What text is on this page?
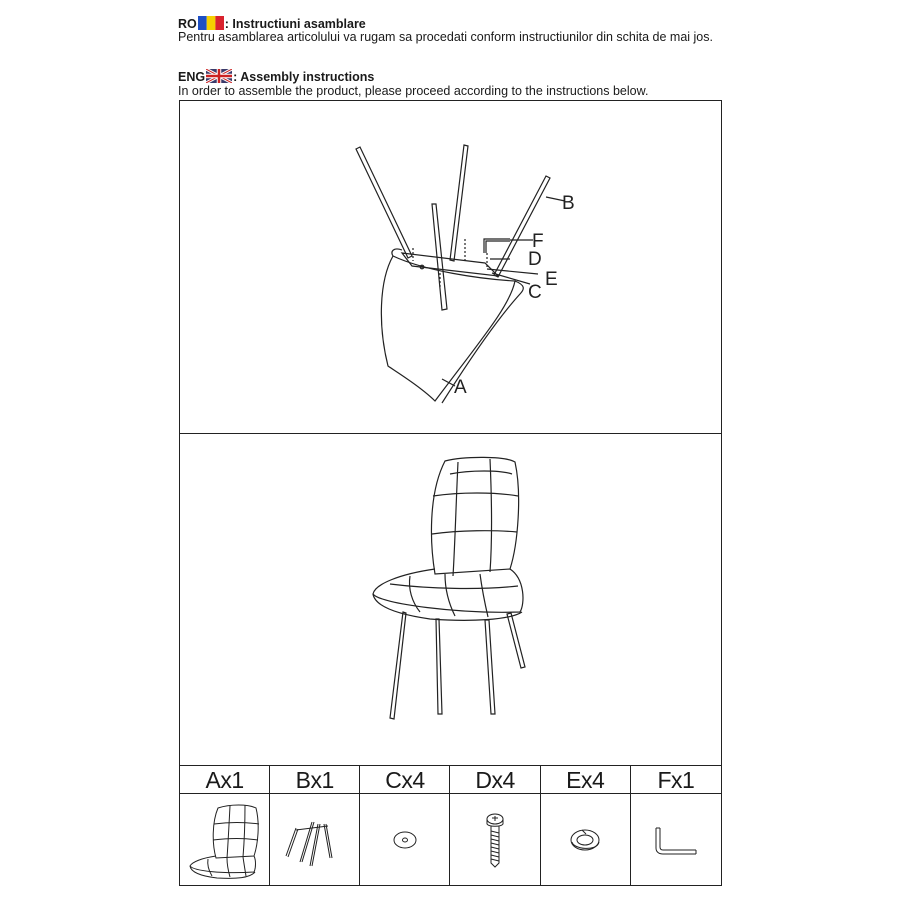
RO : Instructiuni asamblare
Pentru asamblarea articolului va rugam sa procedati conform instructiunilor din schita de mai jos.
ENG : Assembly instructions
In order to assemble the product, please proceed according to the instructions below.
B
F
D
E
C
A
Ax1	Bx1	Cx4	Dx4	Ex4	Fx1
